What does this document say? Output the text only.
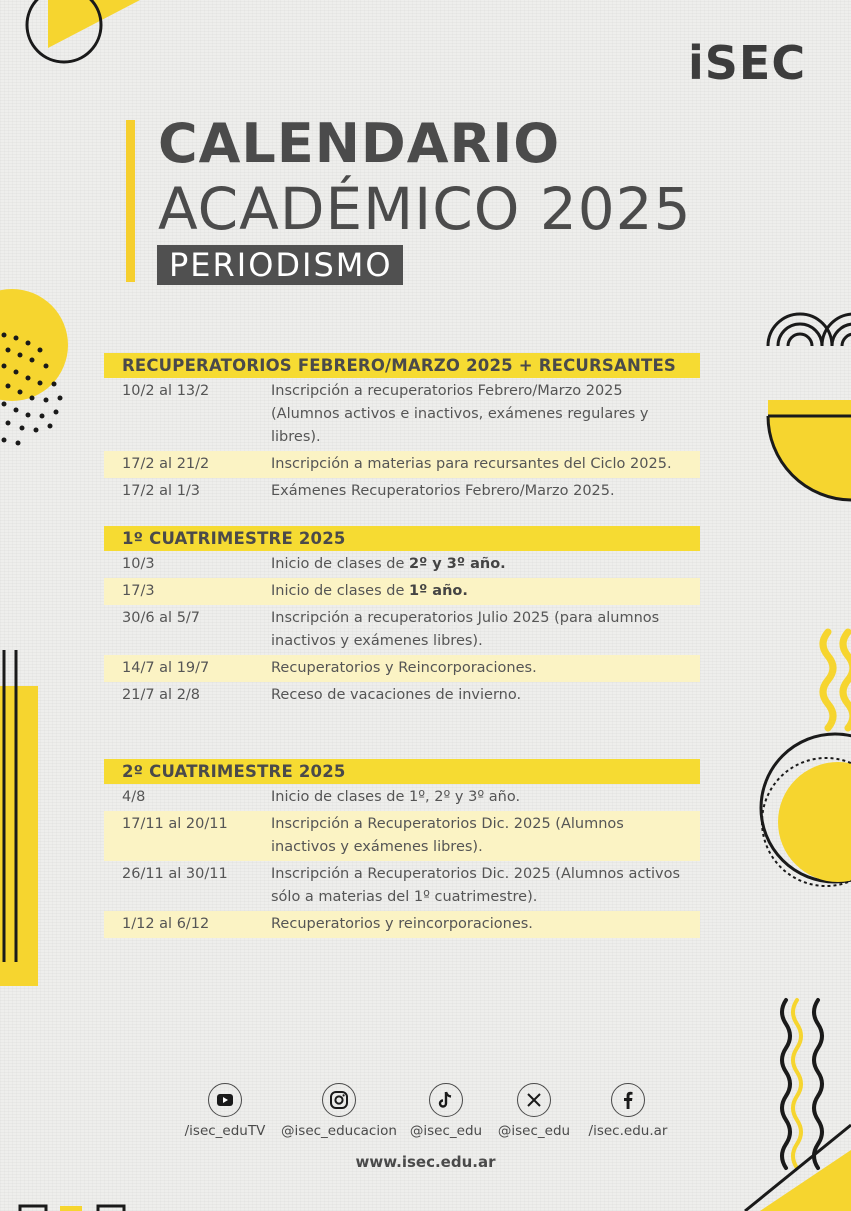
iSEC
CALENDARIO
ACADÉMICO 2025
PERIODISMO
RECUPERATORIOS FEBRERO/MARZO 2025 + RECURSANTES
10/2 al 13/2	Inscripción a recuperatorios Febrero/Marzo 2025
(Alumnos activos e inactivos, exámenes regulares y libres).
17/2 al 21/2	Inscripción a materias para recursantes del Ciclo 2025.
17/2 al 1/3	Exámenes Recuperatorios Febrero/Marzo 2025.
1º CUATRIMESTRE 2025
10/3	Inicio de clases de 2º y 3º año.
17/3	Inicio de clases de 1º año.
30/6 al 5/7	Inscripción a recuperatorios Julio 2025 (para alumnos
inactivos y exámenes libres).
14/7 al 19/7	Recuperatorios y Reincorporaciones.
21/7 al 2/8	Receso de vacaciones de invierno.
2º CUATRIMESTRE 2025
4/8	Inicio de clases de 1º, 2º y 3º año.
17/11 al 20/11	Inscripción a Recuperatorios Dic. 2025 (Alumnos
inactivos y exámenes libres).
26/11 al 30/11	Inscripción a Recuperatorios Dic. 2025 (Alumnos activos
sólo a materias del 1º cuatrimestre).
1/12 al 6/12	Recuperatorios y reincorporaciones.
/isec_eduTV	@isec_educacion @isec_edu @isec_edu	/isec.edu.ar
www.isec.edu.ar
